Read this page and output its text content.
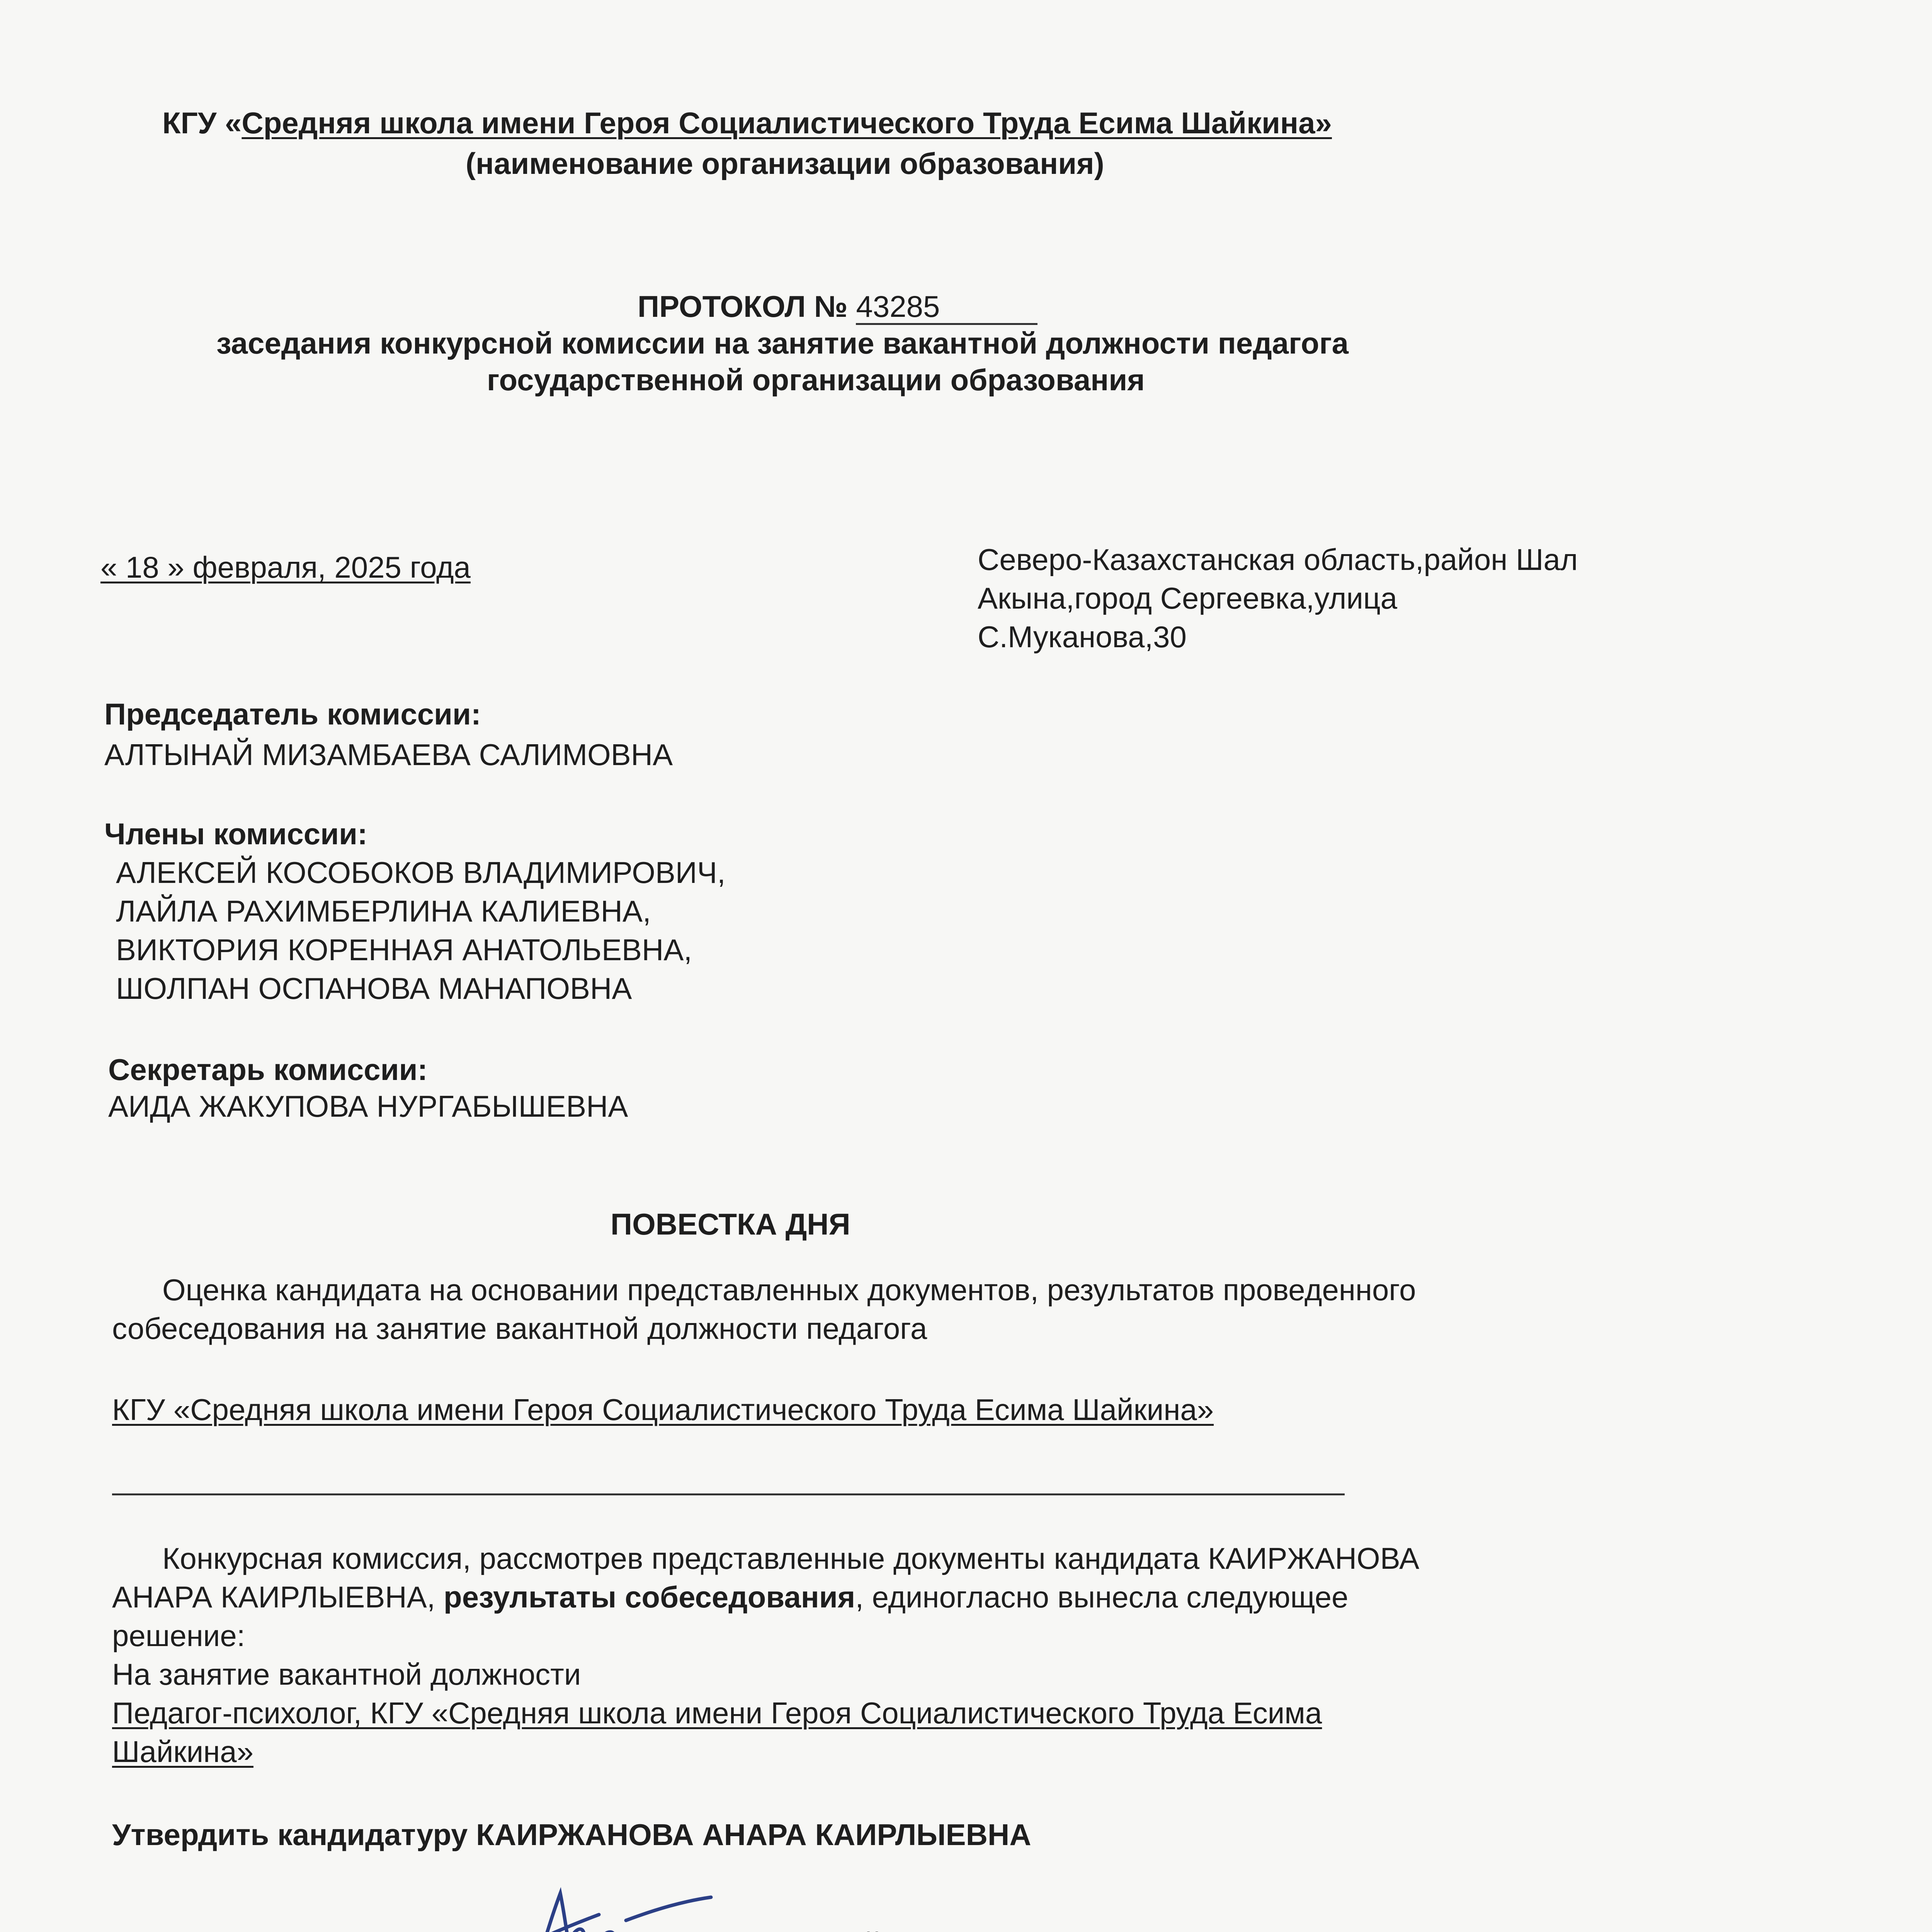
КГУ «Средняя школа имени Героя Социалистического Труда Есима Шайкина»
(наименование организации образования)
ПРОТОКОЛ № 43285
заседания конкурсной комиссии на занятие вакантной должности педагога
государственной организации образования
« 18 » февраля, 2025 года	Северо-Казахстанская область,район Шал
Акына,город Сергеевка,улица
С.Муканова,30
Председатель комиссии:
АЛТЫНАЙ МИЗАМБАЕВА САЛИМОВНА
Члены комиссии:
АЛЕКСЕЙ КОСОБОКОВ ВЛАДИМИРОВИЧ,
ЛАЙЛА РАХИМБЕРЛИНА КАЛИЕВНА,
ВИКТОРИЯ КОРЕННАЯ АНАТОЛЬЕВНА,
ШОЛПАН ОСПАНОВА МАНАПОВНА
Секретарь комиссии:
АИДА ЖАКУПОВА НУРГАБЫШЕВНА
ПОВЕСТКА ДНЯ
Оценка кандидата на основании представленных документов, результатов проведенного
собеседования на занятие вакантной должности педагога
КГУ «Средняя школа имени Героя Социалистического Труда Есима Шайкина»
Конкурсная комиссия, рассмотрев представленные документы кандидата КАИРЖАНОВА
АНАРА КАИРЛЫЕВНА, результаты собеседования, единогласно вынесла следующее
решение:
На занятие вакантной должности
Педагог-психолог, КГУ «Средняя школа имени Героя Социалистического Труда Есима
Шайкина»
Утвердить кандидатуру КАИРЖАНОВА АНАРА КАИРЛЫЕВНА
